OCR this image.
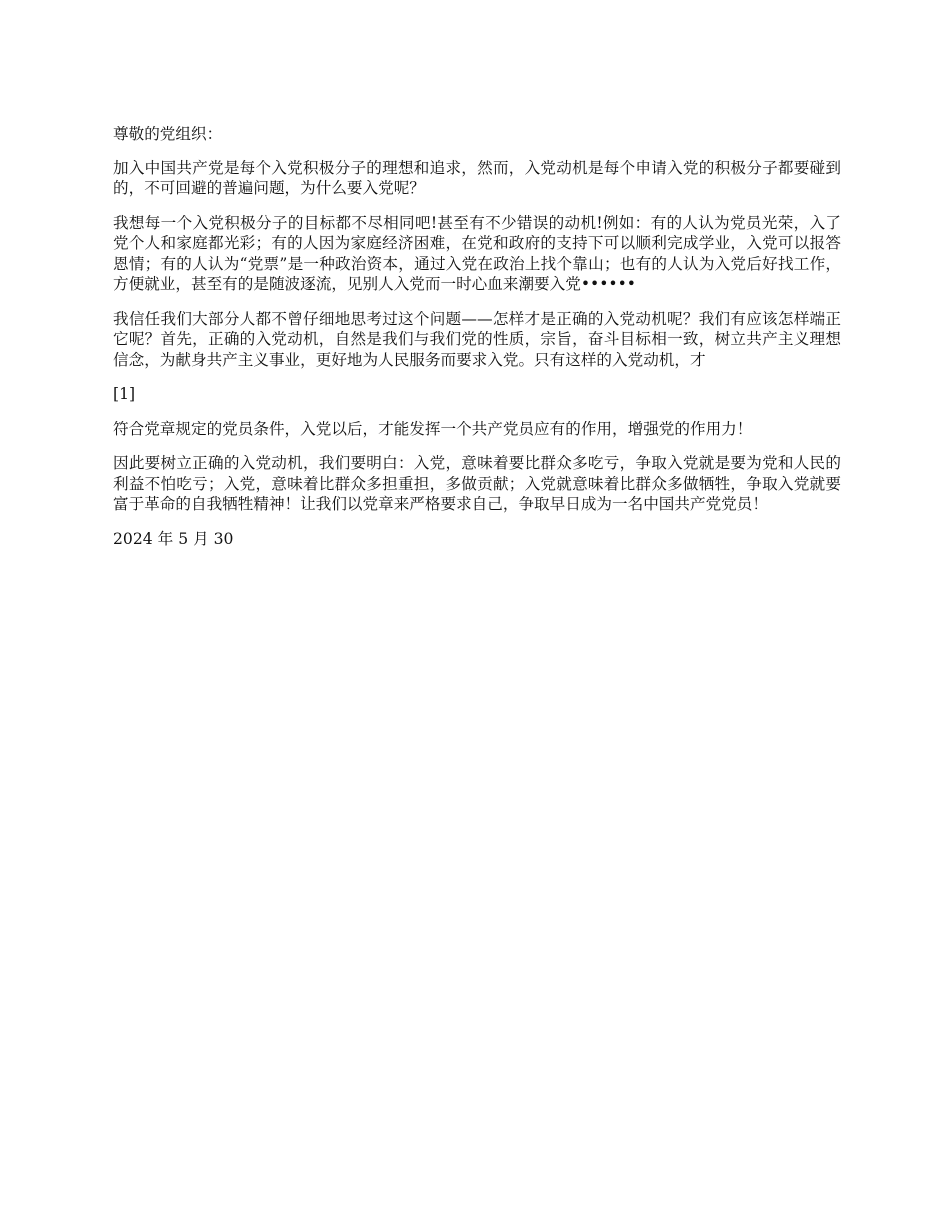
尊敬的党组织：

加入中国共产党是每个入党积极分子的理想和追求，然而，入党动机是每个申请入党的积极分子都要碰到的，不可回避的普遍问题，为什么要入党呢？

我想每一个入党积极分子的目标都不尽相同吧!甚至有不少错误的动机!例如：有的人认为党员光荣，入了党个人和家庭都光彩；有的人因为家庭经济困难，在党和政府的支持下可以顺利完成学业，入党可以报答恩情；有的人认为“党票”是一种政治资本，通过入党在政治上找个靠山；也有的人认为入党后好找工作，方便就业，甚至有的是随波逐流，见别人入党而一时心血来潮要入党••••••

我信任我们大部分人都不曾仔细地思考过这个问题——怎样才是正确的入党动机呢？我们有应该怎样端正它呢？首先，正确的入党动机，自然是我们与我们党的性质，宗旨，奋斗目标相一致，树立共产主义理想信念，为献身共产主义事业，更好地为人民服务而要求入党。只有这样的入党动机，才

[1]

符合党章规定的党员条件，入党以后，才能发挥一个共产党员应有的作用，增强党的作用力！

因此要树立正确的入党动机，我们要明白：入党，意味着要比群众多吃亏，争取入党就是要为党和人民的利益不怕吃亏；入党，意味着比群众多担重担，多做贡献；入党就意味着比群众多做牺牲，争取入党就要富于革命的自我牺牲精神！让我们以党章来严格要求自己，争取早日成为一名中国共产党党员！

2024 年 5 月 30
